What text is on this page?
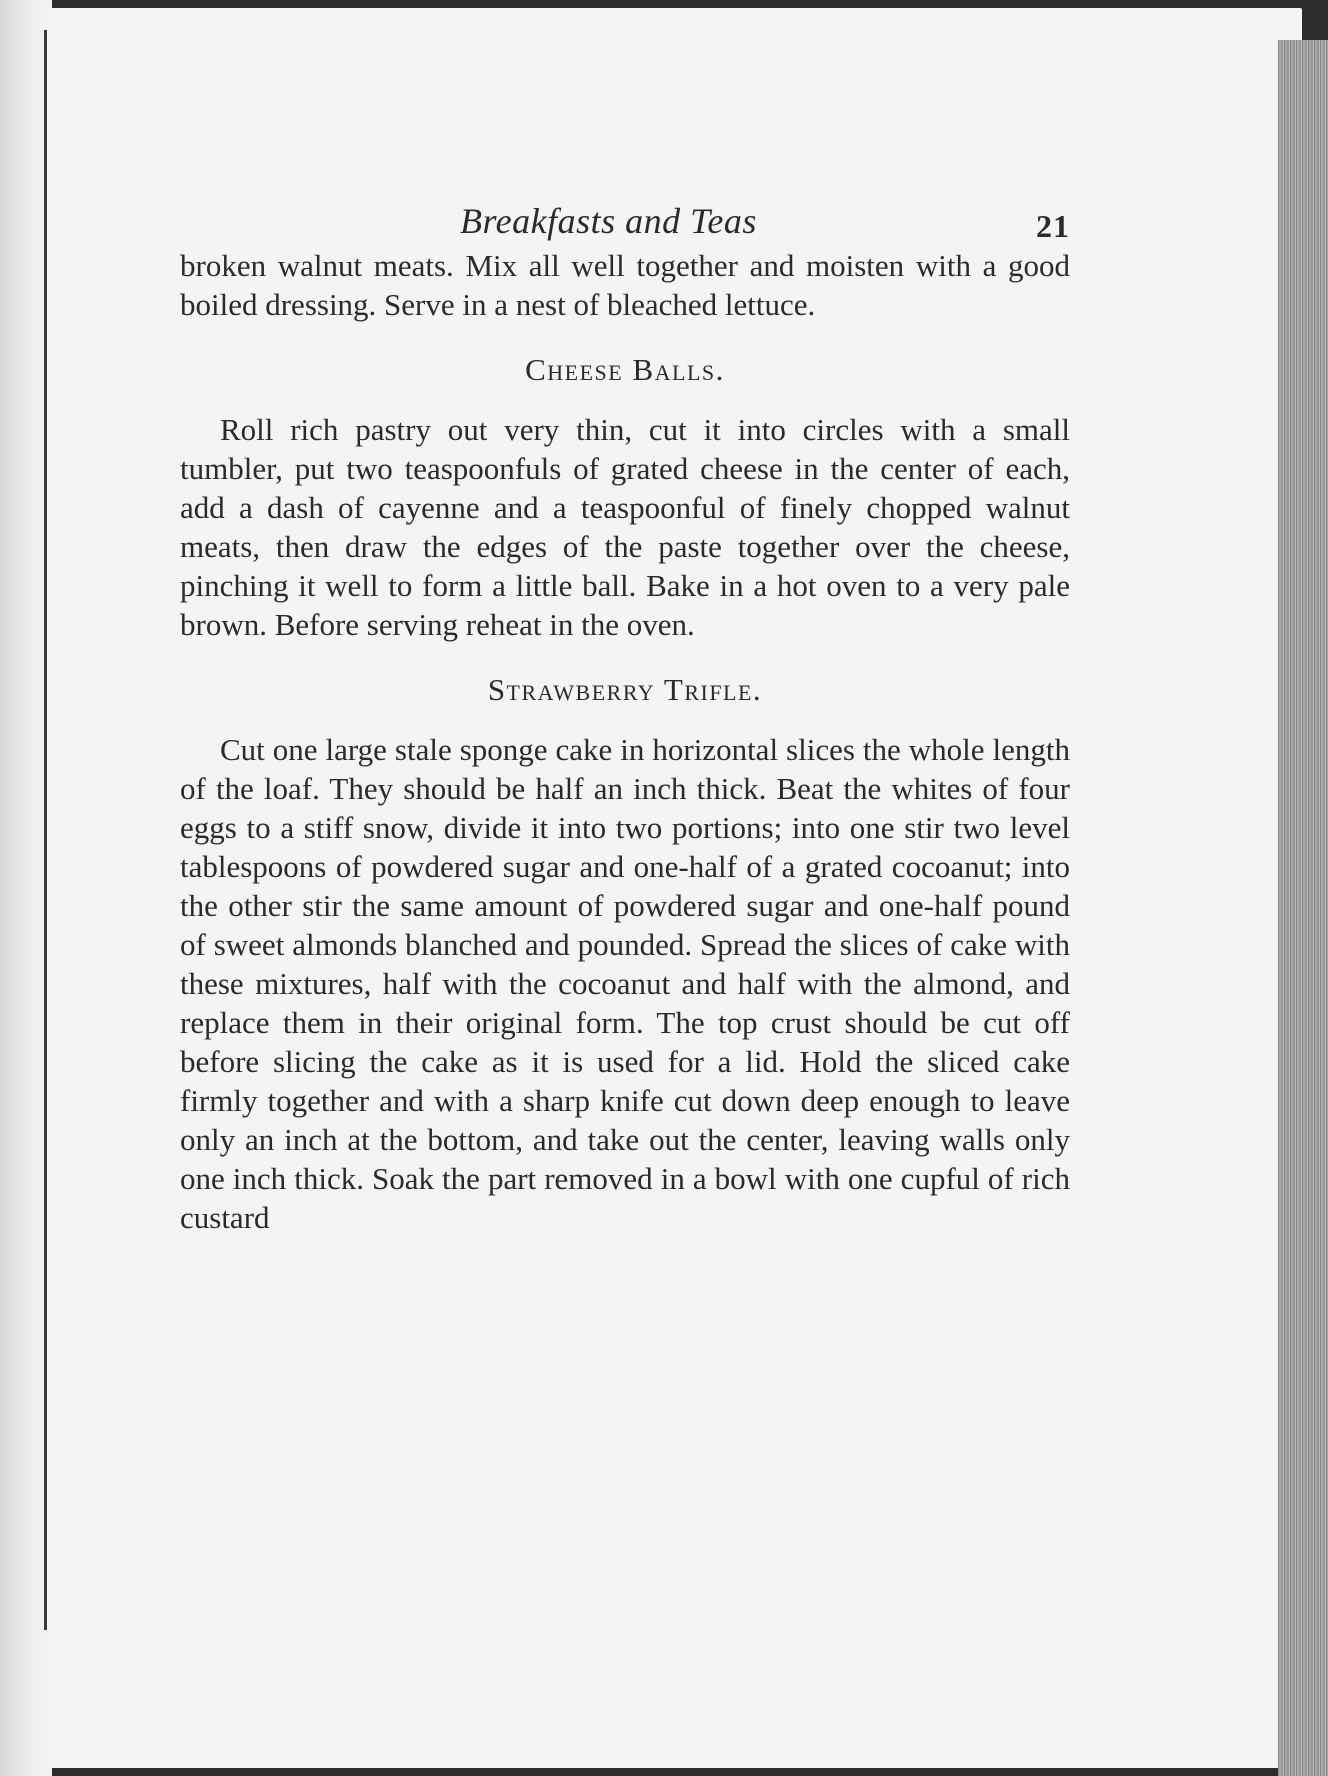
Breakfasts and Teas	21

broken walnut meats. Mix all well together and moisten with a good boiled dressing. Serve in a nest of bleached lettuce.

Cheese Balls.

Roll rich pastry out very thin, cut it into circles with a small tumbler, put two teaspoonfuls of grated cheese in the center of each, add a dash of cayenne and a teaspoonful of finely chopped walnut meats, then draw the edges of the paste together over the cheese, pinching it well to form a little ball. Bake in a hot oven to a very pale brown. Before serving reheat in the oven.

Strawberry Trifle.

Cut one large stale sponge cake in horizontal slices the whole length of the loaf. They should be half an inch thick. Beat the whites of four eggs to a stiff snow, divide it into two portions; into one stir two level tablespoons of powdered sugar and one-half of a grated cocoanut; into the other stir the same amount of powdered sugar and one-half pound of sweet almonds blanched and pounded. Spread the slices of cake with these mixtures, half with the cocoanut and half with the almond, and replace them in their original form. The top crust should be cut off before slicing the cake as it is used for a lid. Hold the sliced cake firmly together and with a sharp knife cut down deep enough to leave only an inch at the bottom, and take out the center, leaving walls only one inch thick. Soak the part removed in a bowl with one cupful of rich custard
